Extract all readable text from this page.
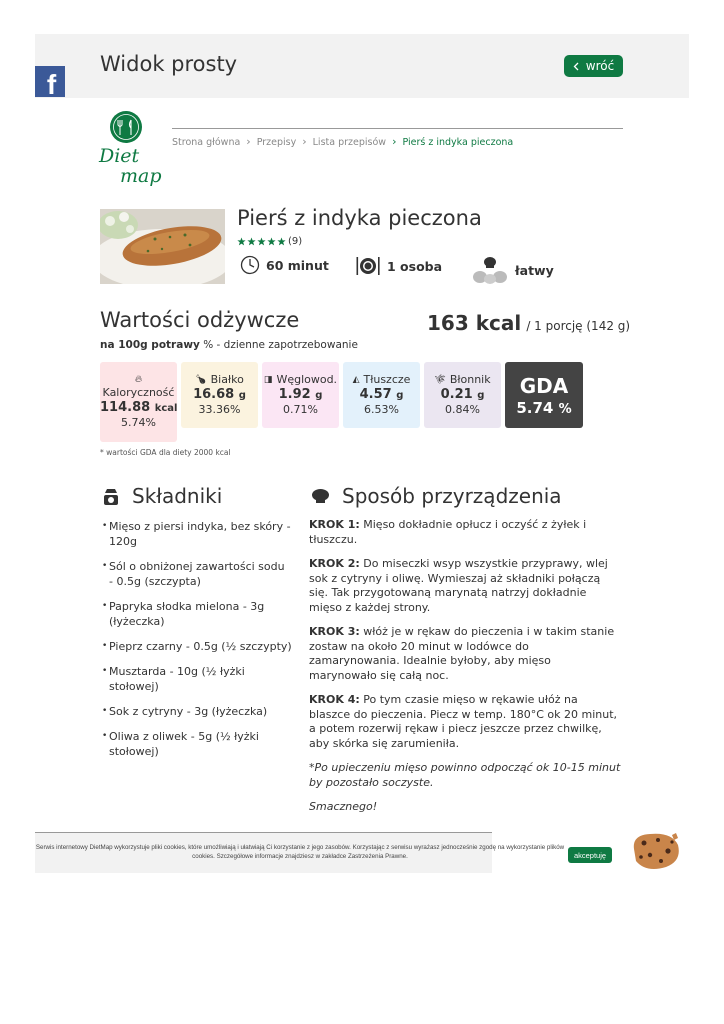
Widok prosty	wróć
f
Diet
map
Strona główna › Przepisy › Lista przepisów › Pierś z indyka pieczona
Pierś z indyka pieczona
(9)
60 minut	1 osoba	łatwy
Wartości odżywcze	163 kcal / 1 porcję (142 g)
na 100g potrawy % - dzienne zapotrzebowanie
🔥︎
Kaloryczność
114.88 kcal
5.74%
🍗︎ Białko
16.68 g
33.36%
◨ Węglowod.
1.92 g
0.71%
◭ Tłuszcze
4.57 g
6.53%
🌾︎ Błonnik
0.21 g
0.84%
GDA
5.74 %
* wartości GDA dla diety 2000 kcal
Składniki
• Mięso z piersi indyka, bez skóry - 120g
• Sól o obniżonej zawartości sodu - 0.5g (szczypta)
• Papryka słodka mielona - 3g (łyżeczka)
• Pieprz czarny - 0.5g (½ szczypty)
• Musztarda - 10g (½ łyżki stołowej)
• Sok z cytryny - 3g (łyżeczka)
• Oliwa z oliwek - 5g (½ łyżki stołowej)
Sposób przyrządzenia

KROK 1: Mięso dokładnie opłucz i oczyść z żyłek i tłuszczu.

KROK 2: Do miseczki wsyp wszystkie przyprawy, wlej sok z cytryny i oliwę. Wymieszaj aż składniki połączą się. Tak przygotowaną marynatą natrzyj dokładnie mięso z każdej strony.

KROK 3: włóż je w rękaw do pieczenia i w takim stanie zostaw na około 20 minut w lodówce do zamarynowania. Idealnie byłoby, aby mięso marynowało się całą noc.

KROK 4: Po tym czasie mięso w rękawie ułóż na blaszce do pieczenia. Piecz w temp. 180°C ok 20 minut, a potem rozerwij rękaw i piecz jeszcze przez chwilkę, aby skórka się zarumieniła.

*Po upieczeniu mięso powinno odpocząć ok 10-15 minut by pozostało soczyste.

Smacznego!

Serwis internetowy DietMap wykorzystuje pliki cookies, które umożliwiają i ułatwiają Ci korzystanie z jego zasobów. Korzystając z serwisu wyrażasz jednocześnie zgodę na wykorzystanie plików cookies. Szczegółowe informacje znajdziesz w zakładce Zastrzeżenia Prawne.	akceptuję
